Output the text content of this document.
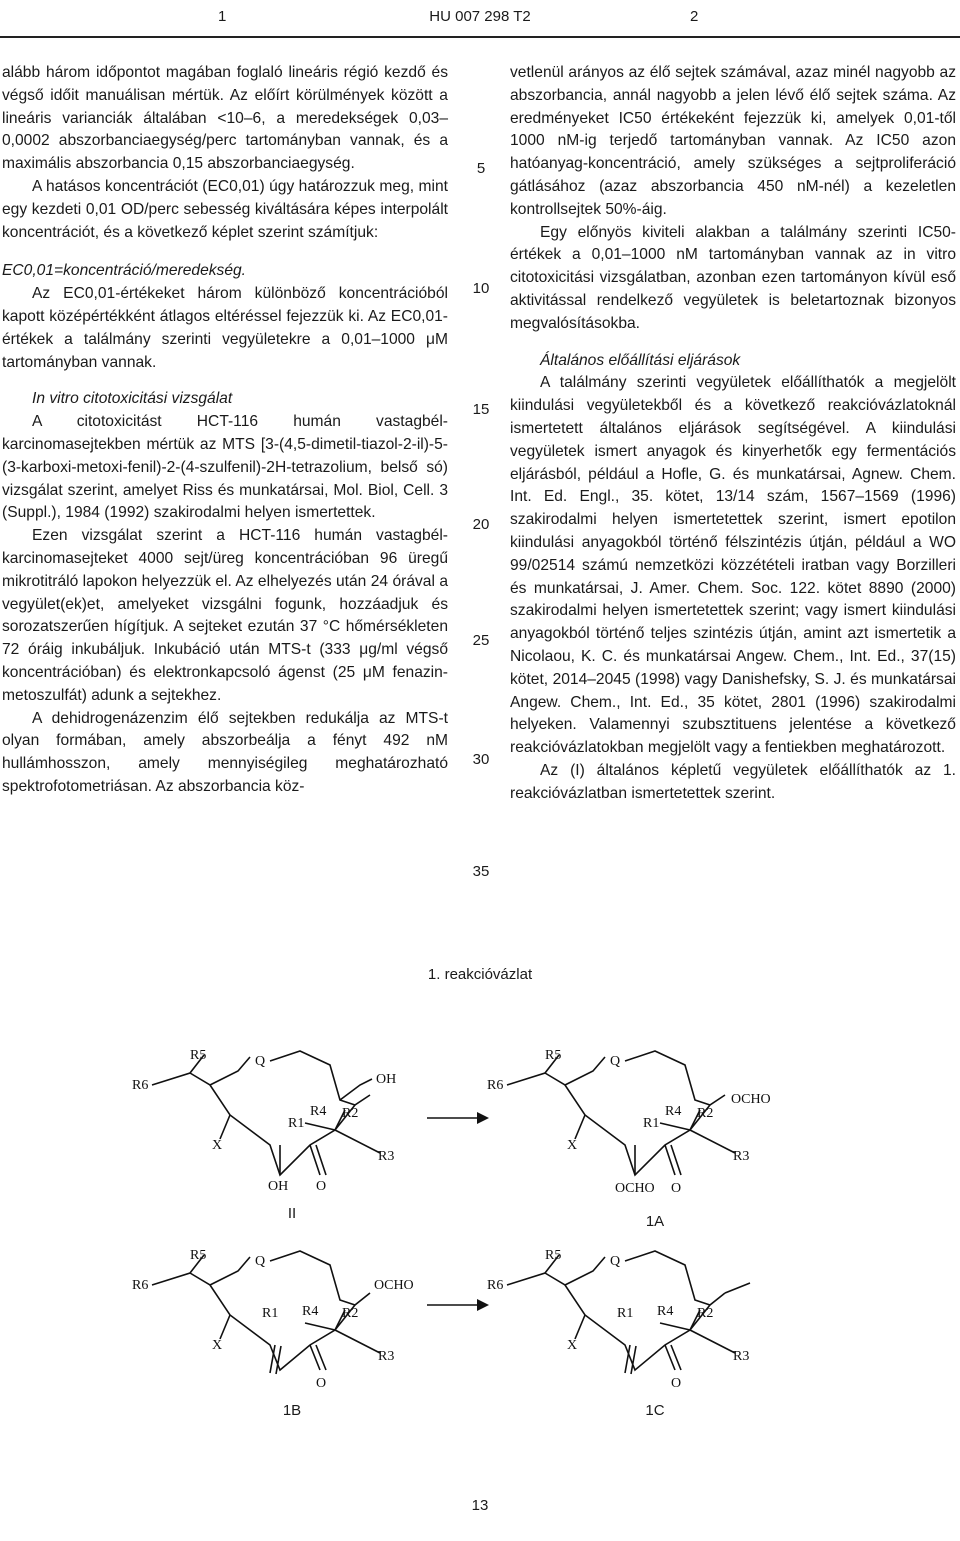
1	HU 007 298 T2	2

alább három időpontot magában foglaló lineáris régió kezdő és végső időit manuálisan mértük. Az előírt körülmények között a lineáris varianciák általában <10–6, a meredekségek 0,03–0,0002 abszorbanciaegység/perc tartományban vannak, és a maximális abszorbancia 0,15 abszorbanciaegység.

A hatásos koncentrációt (EC0,01) úgy határozzuk meg, mint egy kezdeti 0,01 OD/perc sebesség kiváltására képes interpolált koncentrációt, és a következő képlet szerint számítjuk:

EC0,01=koncentráció/meredekség.

Az EC0,01-értékeket három különböző koncentrációból kapott középértékként átlagos eltéréssel fejezzük ki. Az EC0,01-értékek a találmány szerinti vegyületekre a 0,01–1000 μM tartományban vannak.

In vitro citotoxicitási vizsgálat

A citotoxicitást HCT-116 humán vastagbél-karcinomasejtekben mértük az MTS [3-(4,5-dimetil-tiazol-2-il)-5-(3-karboxi-metoxi-fenil)-2-(4-szulfenil)-2H-tetrazolium, belső só) vizsgálat szerint, amelyet Riss és munkatársai, Mol. Biol, Cell. 3 (Suppl.), 1984 (1992) szakirodalmi helyen ismertettek.

Ezen vizsgálat szerint a HCT-116 humán vastagbél-karcinomasejteket 4000 sejt/üreg koncentrációban 96 üregű mikrotitráló lapokon helyezzük el. Az elhelyezés után 24 órával a vegyület(ek)et, amelyeket vizsgálni fogunk, hozzáadjuk és sorozatszerűen hígítjuk. A sejteket ezután 37 °C hőmérsékleten 72 óráig inkubáljuk. Inkubáció után MTS-t (333 μg/ml végső koncentrációban) és elektronkapcsoló ágenst (25 μM fenazin-metoszulfát) adunk a sejtekhez.

A dehidrogenázenzim élő sejtekben redukálja az MTS-t olyan formában, amely abszorbeálja a fényt 492 nM hullámhosszon, amely mennyiségileg meghatározható spektrofotometriásan. Az abszorbancia köz-

5
10
15
20
25
30
35

vetlenül arányos az élő sejtek számával, azaz minél nagyobb az abszorbancia, annál nagyobb a jelen lévő élő sejtek száma. Az eredményeket IC50 értékeként fejezzük ki, amelyek 0,01-től 1000 nM-ig terjedő tartományban vannak. Az IC50 azon hatóanyag-koncentráció, amely szükséges a sejtproliferáció gátlásához (azaz abszorbancia 450 nM-nél) a kezeletlen kontrollsejtek 50%-áig.

Egy előnyös kiviteli alakban a találmány szerinti IC50-értékek a 0,01–1000 nM tartományban vannak az in vitro citotoxicitási vizsgálatban, azonban ezen tartományon kívül eső aktivitással rendelkező vegyületek is beletartoznak bizonyos megvalósításokba.

Általános előállítási eljárások

A találmány szerinti vegyületek előállíthatók a megjelölt kiindulási vegyületekből és a következő reakcióvázlatoknál ismertetett általános eljárások segítségével. A kiindulási vegyületek ismert anyagok és kinyerhetők egy fermentációs eljárásból, például a Hofle, G. és munkatársai, Agnew. Chem. Int. Ed. Engl., 35. kötet, 13/14 szám, 1567–1569 (1996) szakirodalmi helyen ismertetettek szerint, ismert epotilon kiindulási anyagokból történő félszintézis útján, például a WO 99/02514 számú nemzetközi közzétételi iratban vagy Borzilleri és munkatársai, J. Amer. Chem. Soc. 122. kötet 8890 (2000) szakirodalmi helyen ismertetettek szerint; vagy ismert kiindulási anyagokból történő teljes szintézis útján, amint azt ismertetik a Nicolaou, K. C. és munkatársai Angew. Chem., Int. Ed., 37(15) kötet, 2014–2045 (1998) vagy Danishefsky, S. J. és munkatársai Angew. Chem., Int. Ed., 35 kötet, 2801 (1996) szakirodalmi helyeken. Valamennyi szubsztituens jelentése a következő reakcióvázlatokban megjelölt vagy a fentiekben meghatározott.

Az (I) általános képletű vegyületek előállíthatók az 1. reakcióvázlatban ismertetettek szerint.

1. reakcióvázlat
R5
R6
Q
OH
R1
R4 R2
R3
X
OH O
R5
R6
Q
OCHO
R1
R4 R2
R3
X
OCHO O
II	1A
R5
R6
Q
OCHO
R1 R4 R2
R3
X
O
R5
R6
Q
R1 R4 R2
R3
X
O
1B	1C
13
